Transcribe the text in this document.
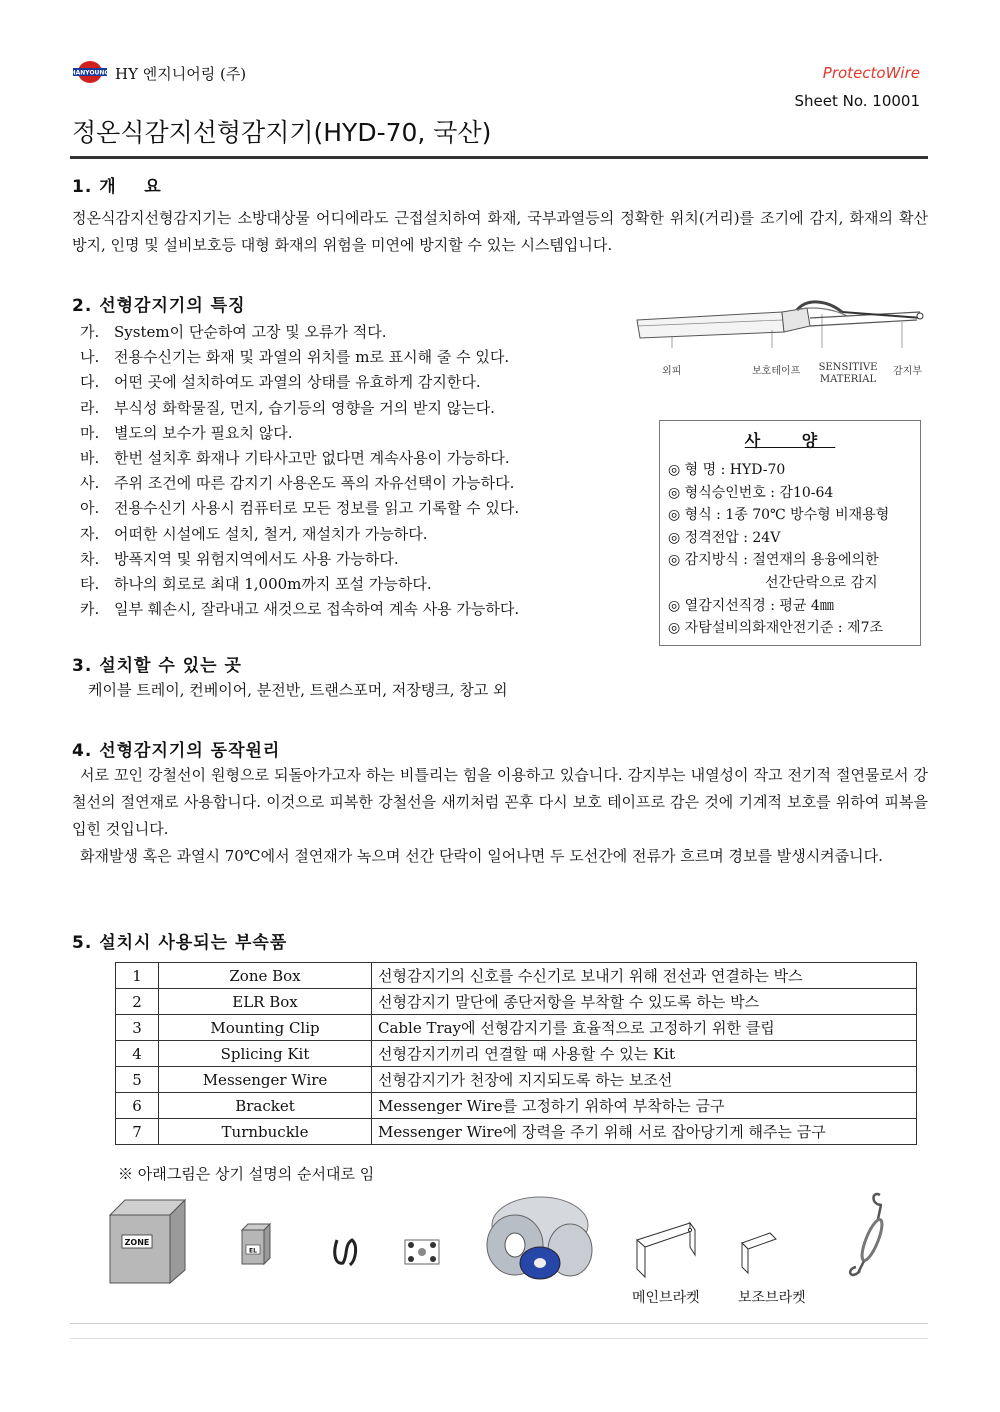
HANYOUNG HY 엔지니어링 (주)	ProtectoWire
Sheet No. 10001
정온식감지선형감지기(HYD-70, 국산)
1. 개    요
정온식감지선형감지기는 소방대상물 어디에라도 근접설치하여 화재, 국부과열등의 정확한 위치(거리)를 조기에 감지, 화재의 확산방지, 인명 및 설비보호등 대형 화재의 위험을 미연에 방지할 수 있는 시스템입니다.
2. 선형감지기의 특징
가. System이 단순하여 고장 및 오류가 적다.
나. 전용수신기는 화재 및 과열의 위치를 m로 표시해 줄 수 있다.
다. 어떤 곳에 설치하여도 과열의 상태를 유효하게 감지한다.
라. 부식성 화학물질, 먼지, 습기등의 영향을 거의 받지 않는다.
마. 별도의 보수가 필요치 않다.
바. 한번 설치후 화재나 기타사고만 없다면 계속사용이 가능하다.
사. 주위 조건에 따른 감지기 사용온도 폭의 자유선택이 가능하다.
아. 전용수신기 사용시 컴퓨터로 모든 정보를 읽고 기록할 수 있다.
자. 어떠한 시설에도 설치, 철거, 재설치가 가능하다.
차. 방폭지역 및 위험지역에서도 사용 가능하다.
타. 하나의 회로로 최대 1,000m까지 포설 가능하다.
카. 일부 훼손시, 잘라내고 새것으로 접속하여 계속 사용 가능하다.
외피	보호테이프 SENSITIVE
MATERIAL
감지부
사 양
◎ 형 명 : HYD-70
◎ 형식승인번호 : 감10-64
◎ 형식 : 1종 70℃ 방수형 비재용형
◎ 정격전압 : 24V
◎ 감지방식 : 절연재의 용융에의한
선간단락으로 감지
◎ 열감지선직경 : 평균 4㎜
◎ 자탐설비의화재안전기준 : 제7조
3. 설치할 수 있는 곳
케이블 트레이, 컨베이어, 분전반, 트랜스포머, 저장탱크, 창고 외
4. 선형감지기의 동작원리
서로 꼬인 강철선이 원형으로 되돌아가고자 하는 비틀리는 힘을 이용하고 있습니다. 감지부는 내열성이 작고 전기적 절연물로서 강철선의 절연재로 사용합니다. 이것으로 피복한 강철선을 새끼처럼 꼰후 다시 보호 테이프로 감은 것에 기계적 보호를 위하여 피복을 입힌 것입니다.
화재발생 혹은 과열시 70℃에서 절연재가 녹으며 선간 단락이 일어나면 두 도선간에 전류가 흐르며 경보를 발생시켜줍니다.
5. 설치시 사용되는 부속품
1	Zone Box	선형감지기의 신호를 수신기로 보내기 위해 전선과 연결하는 박스
2	ELR Box	선형감지기 말단에 종단저항을 부착할 수 있도록 하는 박스
3	Mounting Clip	Cable Tray에 선형감지기를 효율적으로 고정하기 위한 클립
4	Splicing Kit	선형감지기끼리 연결할 때 사용할 수 있는 Kit
5	Messenger Wire	선형감지기가 천장에 지지되도록 하는 보조선
6	Bracket	Messenger Wire를 고정하기 위하여 부착하는 금구
7	Turnbuckle	Messenger Wire에 장력을 주기 위해 서로 잡아당기게 해주는 금구
※ 아래그림은 상기 설명의 순서대로 임
ZONE
EL
메인브라켓	보조브라켓
